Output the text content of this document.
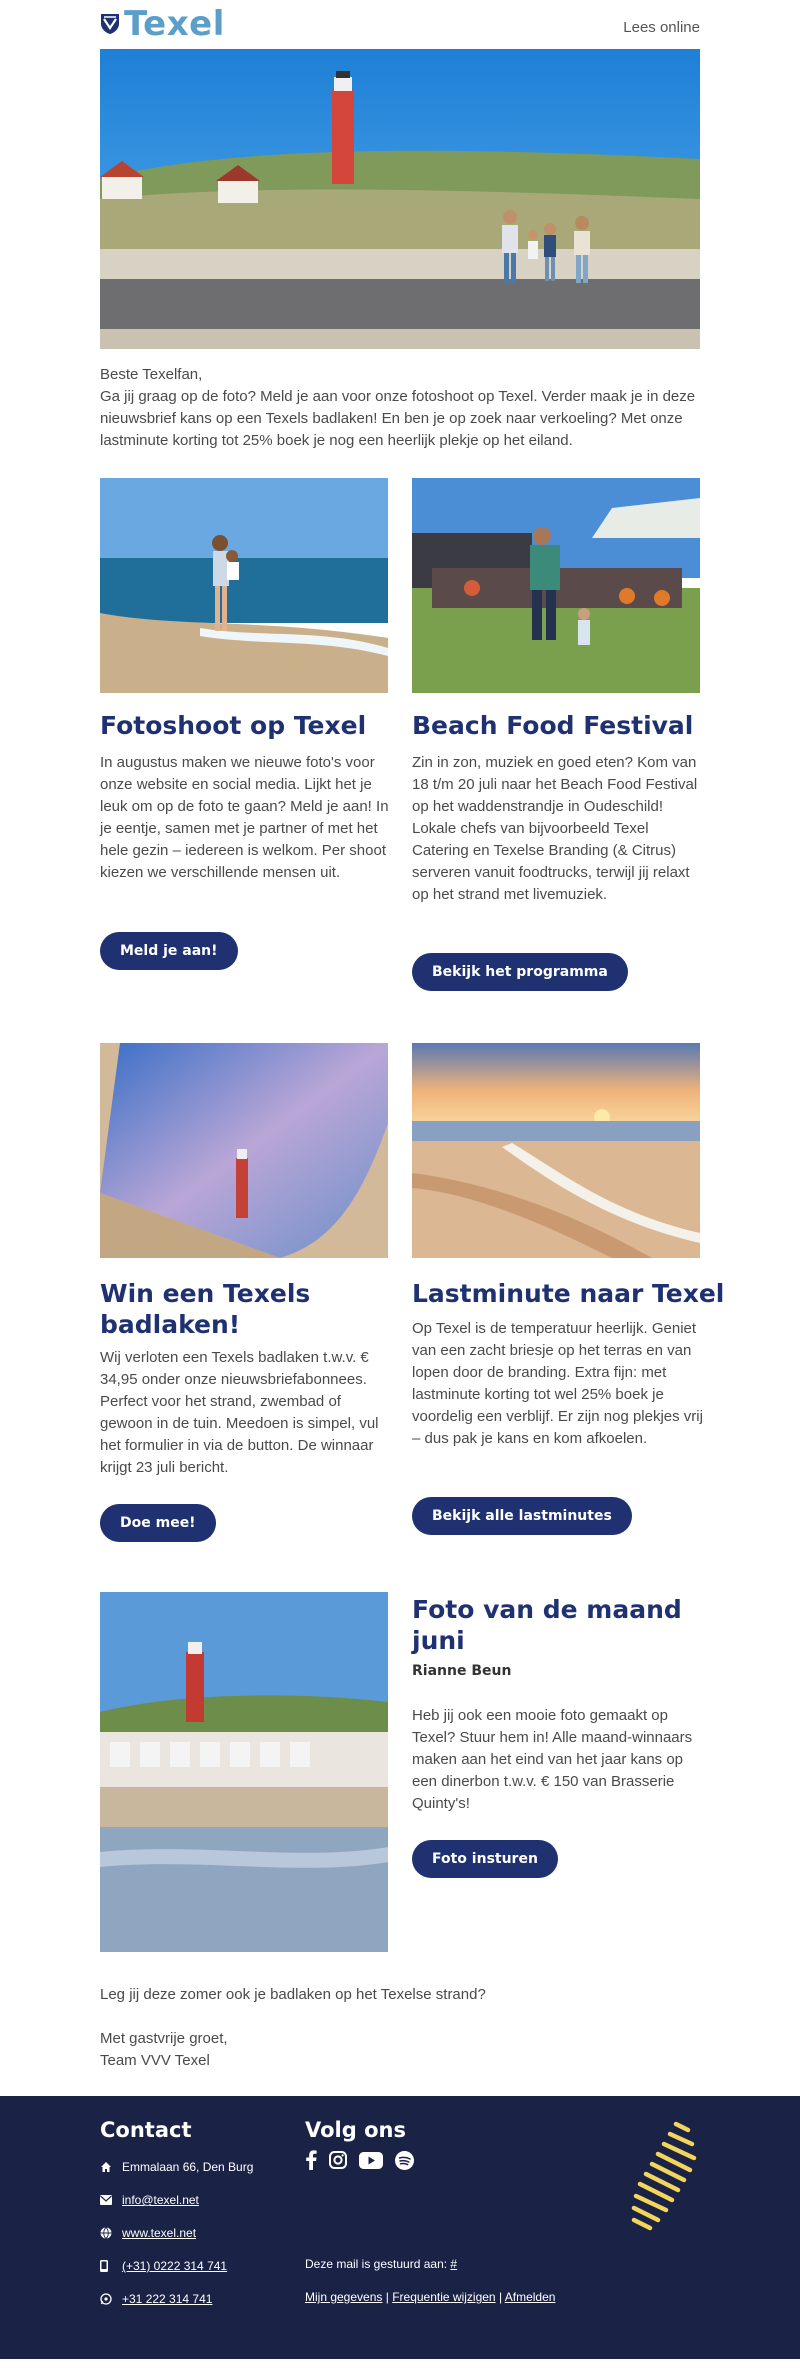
Texel	Lees online
Beste Texelfan,
Ga jij graag op de foto? Meld je aan voor onze fotoshoot op Texel. Verder maak je in deze nieuwsbrief kans op een Texels badlaken! En ben je op zoek naar verkoeling? Met onze lastminute korting tot 25% boek je nog een heerlijk plekje op het eiland.
Fotoshoot op Texel

In augustus maken we nieuwe foto's voor onze website en social media. Lijkt het je leuk om op de foto te gaan? Meld je aan! In je eentje, samen met je partner of met het hele gezin – iedereen is welkom. Per shoot kiezen we verschillende mensen uit.

Meld je aan!
Beach Food Festival

Zin in zon, muziek en goed eten? Kom van 18 t/m 20 juli naar het Beach Food Festival op het waddenstrandje in Oudeschild! Lokale chefs van bijvoorbeeld Texel Catering en Texelse Branding (& Citrus) serveren vanuit foodtrucks, terwijl jij relaxt op het strand met livemuziek.

Bekijk het programma
Win een Texels
badlaken!

Wij verloten een Texels badlaken t.w.v. € 34,95 onder onze nieuwsbriefabonnees. Perfect voor het strand, zwembad of gewoon in de tuin. Meedoen is simpel, vul het formulier in via de button. De winnaar krijgt 23 juli bericht.

Doe mee!
Lastminute naar Texel

Op Texel is de temperatuur heerlijk. Geniet van een zacht briesje op het terras en van lopen door de branding. Extra fijn: met lastminute korting tot wel 25% boek je voordelig een verblijf. Er zijn nog plekjes vrij – dus pak je kans en kom afkoelen.

Bekijk alle lastminutes
Foto van de maand
juni
Rianne Beun

Heb jij ook een mooie foto gemaakt op Texel? Stuur hem in! Alle maand-winnaars maken aan het eind van het jaar kans op een dinerbon t.w.v. € 150 van Brasserie Quinty's!

Foto insturen

Leg jij deze zomer ook je badlaken op het Texelse strand?

Met gastvrije groet,

Team VVV Texel

Contact	Volg ons
Emmalaan 66, Den Burg
info@texel.net
www.texel.net
(+31) 0222 314 741
+31 222 314 741
Deze mail is gestuurd aan: #
Mijn gegevens | Frequentie wijzigen | Afmelden
